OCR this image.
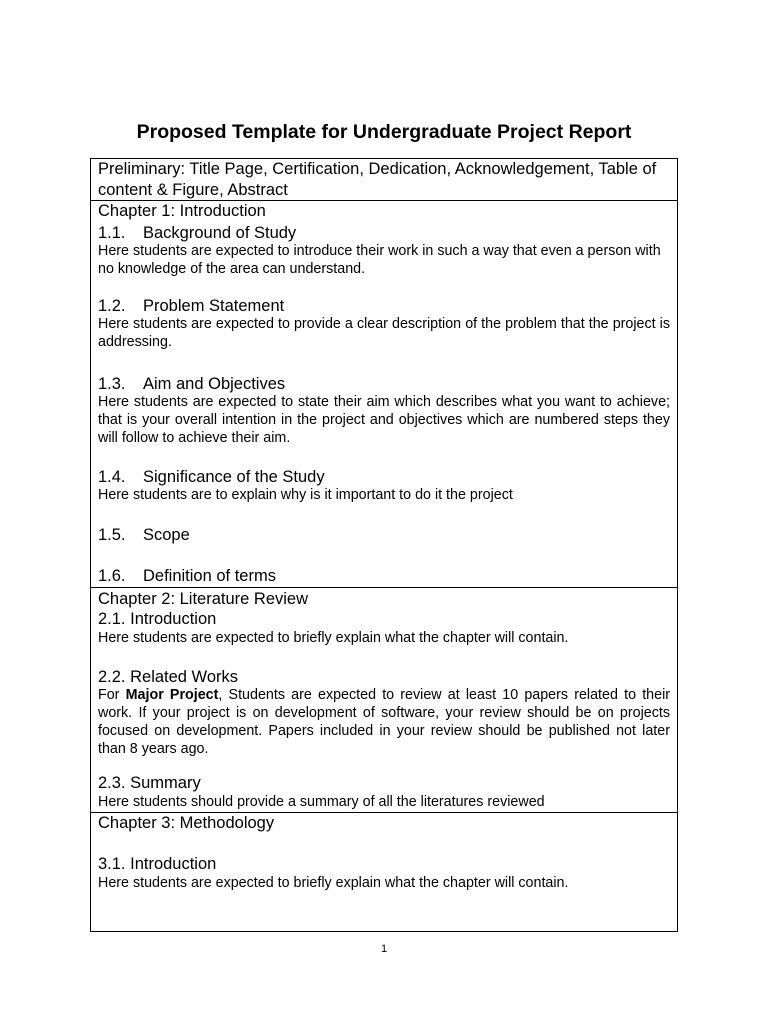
Proposed Template for Undergraduate Project Report

Preliminary: Title Page, Certification, Dedication, Acknowledgement, Table of content & Figure, Abstract

Chapter 1: Introduction

1.1. Background of Study

Here students are expected to introduce their work in such a way that even a person with no knowledge of the area can understand.

1.2. Problem Statement

Here students are expected to provide a clear description of the problem that the project is addressing.

1.3. Aim and Objectives

Here students are expected to state their aim which describes what you want to achieve; that is your overall intention in the project and objectives which are numbered steps they will follow to achieve their aim.

1.4. Significance of the Study

Here students are to explain why is it important to do it the project

1.5. Scope

1.6. Definition of terms

Chapter 2: Literature Review

2.1. Introduction

Here students are expected to briefly explain what the chapter will contain.

2.2. Related Works

For Major Project, Students are expected to review at least 10 papers related to their work. If your project is on development of software, your review should be on projects focused on development. Papers included in your review should be published not later than 8 years ago.

2.3. Summary

Here students should provide a summary of all the literatures reviewed

Chapter 3: Methodology

3.1. Introduction

Here students are expected to briefly explain what the chapter will contain.

1
